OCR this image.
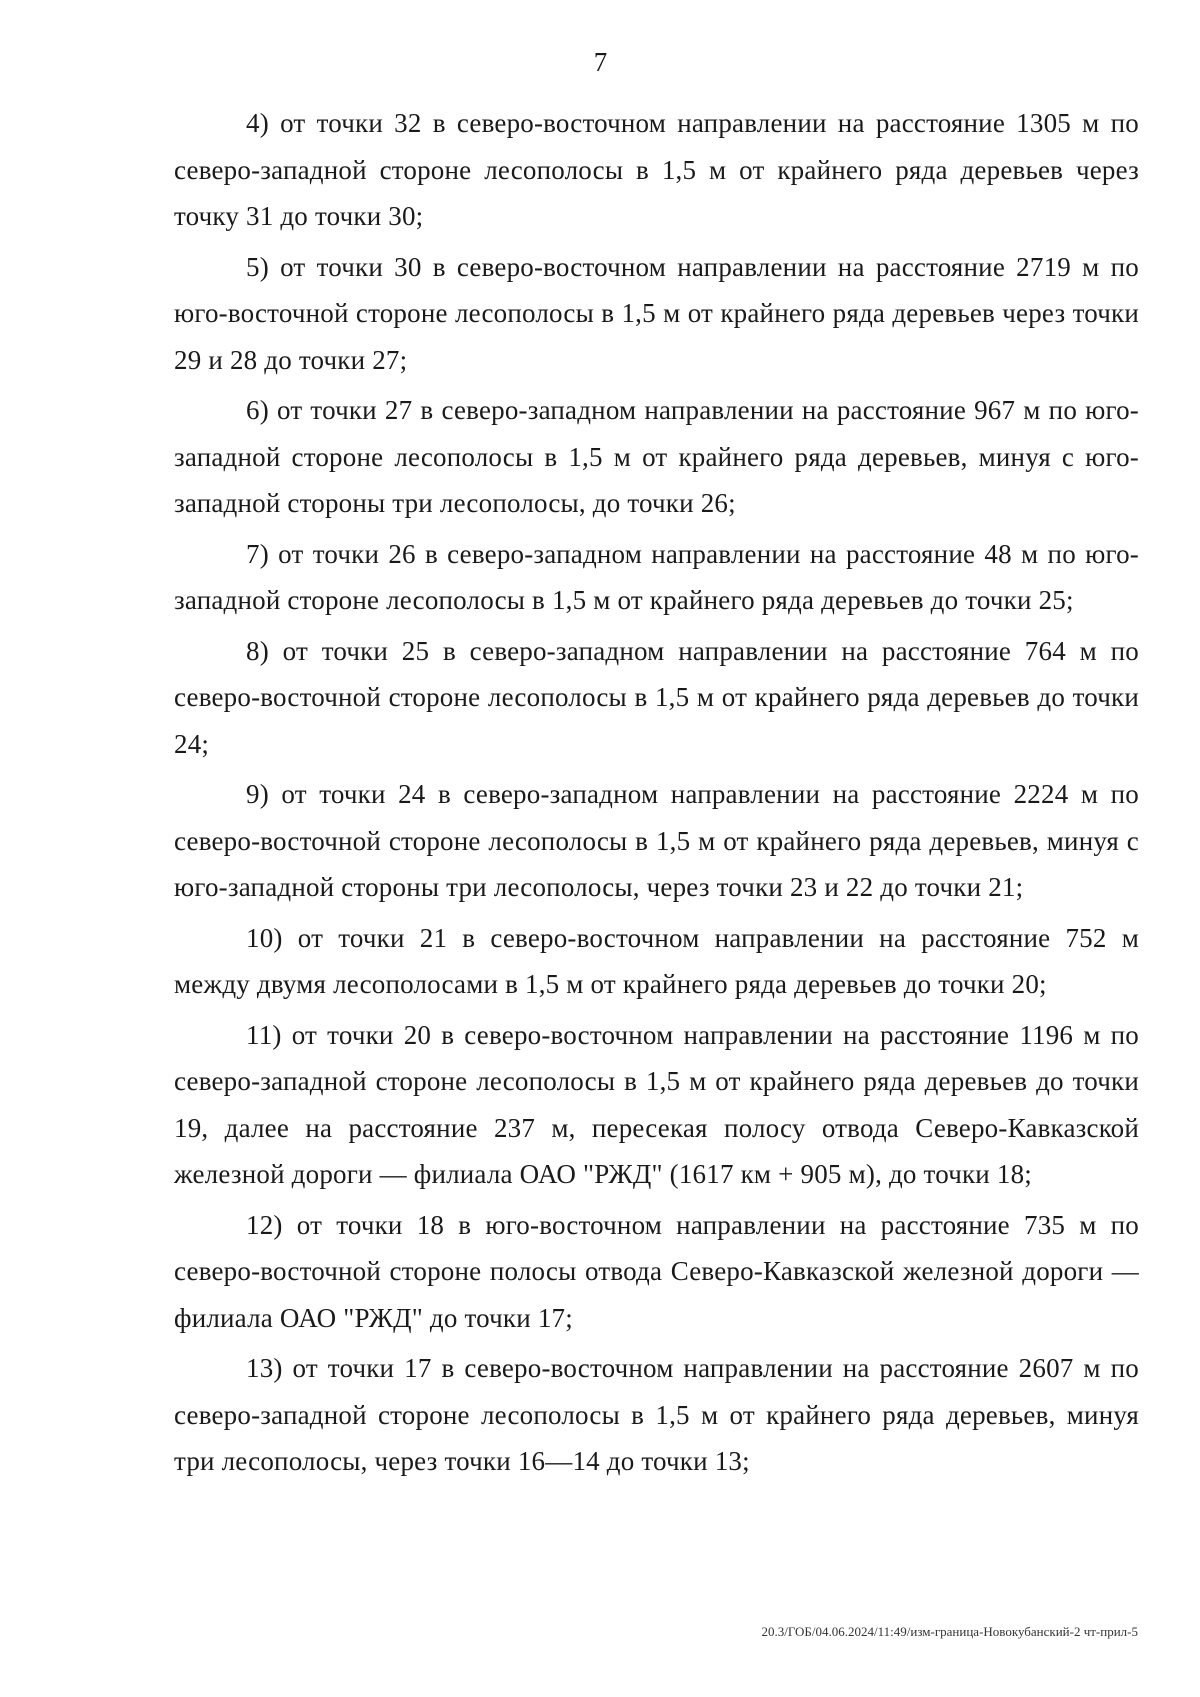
7

4) от точки 32 в северо-восточном направлении на расстояние 1305 м по северо-западной стороне лесополосы в 1,5 м от крайнего ряда деревьев через точку 31 до точки 30;

5) от точки 30 в северо-восточном направлении на расстояние 2719 м по юго-восточной стороне лесополосы в 1,5 м от крайнего ряда деревьев через точки 29 и 28 до точки 27;

6) от точки 27 в северо-западном направлении на расстояние 967 м по юго-западной стороне лесополосы в 1,5 м от крайнего ряда деревьев, минуя с юго-западной стороны три лесополосы, до точки 26;

7) от точки 26 в северо-западном направлении на расстояние 48 м по юго-западной стороне лесополосы в 1,5 м от крайнего ряда деревьев до точки 25;

8) от точки 25 в северо-западном направлении на расстояние 764 м по северо-восточной стороне лесополосы в 1,5 м от крайнего ряда деревьев до точки 24;

9) от точки 24 в северо-западном направлении на расстояние 2224 м по северо-восточной стороне лесополосы в 1,5 м от крайнего ряда деревьев, минуя с юго-западной стороны три лесополосы, через точки 23 и 22 до точки 21;

10) от точки 21 в северо-восточном направлении на расстояние 752 м между двумя лесополосами в 1,5 м от крайнего ряда деревьев до точки 20;

11) от точки 20 в северо-восточном направлении на расстояние 1196 м по северо-западной стороне лесополосы в 1,5 м от крайнего ряда деревьев до точки 19, далее на расстояние 237 м, пересекая полосу отвода Северо-Кавказской железной дороги — филиала ОАО "РЖД" (1617 км + 905 м), до точки 18;

12) от точки 18 в юго-восточном направлении на расстояние 735 м по северо-восточной стороне полосы отвода Северо-Кавказской железной дороги — филиала ОАО "РЖД" до точки 17;

13) от точки 17 в северо-восточном направлении на расстояние 2607 м по северо-западной стороне лесополосы в 1,5 м от крайнего ряда деревьев, минуя три лесополосы, через точки 16—14 до точки 13;

20.3/ГОБ/04.06.2024/11:49/изм-граница-Новокубанский-2 чт-прил-5
